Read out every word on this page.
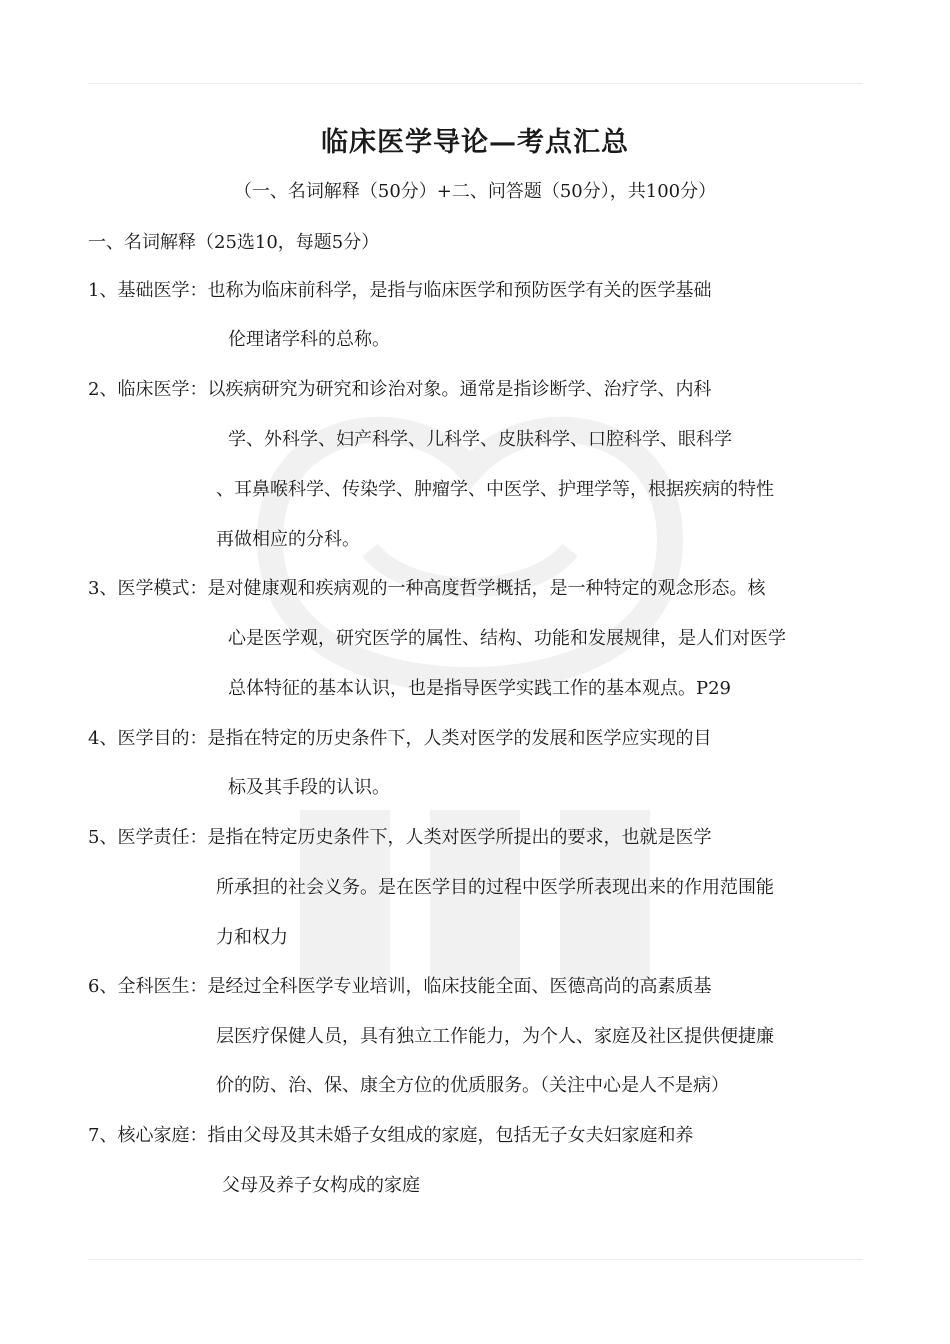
临床医学导论—考点汇总
（一、名词解释（50分）+二、问答题（50分），共100分）
一、名词解释（25选10，每题5分）
1、基础医学：也称为临床前科学，是指与临床医学和预防医学有关的医学基础
伦理诸学科的总称。
2、临床医学：以疾病研究为研究和诊治对象。通常是指诊断学、治疗学、内科
学、外科学、妇产科学、儿科学、皮肤科学、口腔科学、眼科学
、耳鼻喉科学、传染学、肿瘤学、中医学、护理学等，根据疾病的特性
再做相应的分科。
3、医学模式：是对健康观和疾病观的一种高度哲学概括，是一种特定的观念形态。核
心是医学观，研究医学的属性、结构、功能和发展规律，是人们对医学
总体特征的基本认识，也是指导医学实践工作的基本观点。P29
4、医学目的：是指在特定的历史条件下，人类对医学的发展和医学应实现的目
标及其手段的认识。
5、医学责任：是指在特定历史条件下，人类对医学所提出的要求，也就是医学
所承担的社会义务。是在医学目的过程中医学所表现出来的作用范围能
力和权力
6、全科医生：是经过全科医学专业培训，临床技能全面、医德高尚的高素质基
层医疗保健人员，具有独立工作能力，为个人、家庭及社区提供便捷廉
价的防、治、保、康全方位的优质服务。（关注中心是人不是病）
7、核心家庭：指由父母及其未婚子女组成的家庭，包括无子女夫妇家庭和养
父母及养子女构成的家庭
